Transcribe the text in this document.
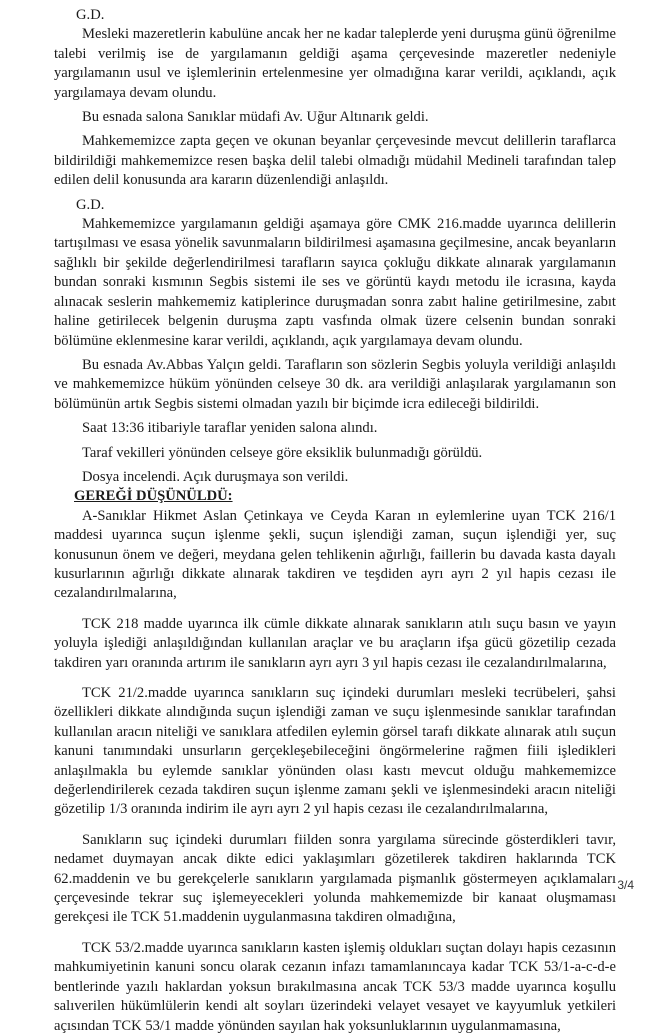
G.D.

Mesleki mazeretlerin kabulüne ancak her ne kadar taleplerde yeni duruşma günü öğrenilme talebi verilmiş ise de yargılamanın geldiği aşama çerçevesinde mazeretler nedeniyle yargılamanın usul ve işlemlerinin ertelenmesine yer olmadığına karar verildi, açıklandı, açık yargılamaya devam olundu.

Bu esnada salona Sanıklar müdafi Av. Uğur Altınarık geldi.

Mahkememizce zapta geçen ve okunan beyanlar çerçevesinde mevcut delillerin taraflarca bildirildiği mahkememizce resen başka delil talebi olmadığı müdahil Medineli tarafından talep edilen delil konusunda ara kararın düzenlendiği anlaşıldı.

G.D.

Mahkememizce yargılamanın geldiği aşamaya göre CMK 216.madde uyarınca delillerin tartışılması ve esasa yönelik savunmaların bildirilmesi aşamasına geçilmesine, ancak beyanların sağlıklı bir şekilde değerlendirilmesi tarafların sayıca çokluğu dikkate alınarak yargılamanın bundan sonraki kısmının Segbis sistemi ile ses ve görüntü kaydı metodu ile icrasına, kayda alınacak seslerin mahkememiz katiplerince duruşmadan sonra zabıt haline getirilmesine, zabıt haline getirilecek belgenin duruşma zaptı vasfında olmak üzere celsenin bundan sonraki bölümüne eklenmesine karar verildi, açıklandı, açık yargılamaya devam olundu.

Bu esnada Av.Abbas Yalçın geldi. Tarafların son sözlerin Segbis yoluyla verildiği anlaşıldı ve mahkememizce hüküm yönünden celseye 30 dk. ara verildiği anlaşılarak yargılamanın son bölümünün artık Segbis sistemi olmadan yazılı bir biçimde icra edileceği bildirildi.

Saat 13:36 itibariyle taraflar yeniden salona alındı.

Taraf vekilleri yönünden celseye göre eksiklik bulunmadığı görüldü.

Dosya incelendi. Açık duruşmaya son verildi.

GEREĞİ DÜŞÜNÜLDÜ:

A-Sanıklar Hikmet Aslan Çetinkaya ve Ceyda Karan ın eylemlerine uyan TCK 216/1 maddesi uyarınca suçun işlenme şekli, suçun işlendiği zaman, suçun işlendiği yer, suç konusunun önem ve değeri, meydana gelen tehlikenin ağırlığı, faillerin bu davada kasta dayalı kusurlarının ağırlığı dikkate alınarak takdiren ve teşdiden ayrı ayrı 2 yıl hapis cezası ile cezalandırılmalarına,

TCK 218 madde uyarınca ilk cümle dikkate alınarak sanıkların atılı suçu basın ve yayın yoluyla işlediği anlaşıldığından kullanılan araçlar ve bu araçların ifşa gücü gözetilip cezada takdiren yarı oranında artırım ile sanıkların ayrı ayrı 3 yıl hapis cezası ile cezalandırılmalarına,

TCK 21/2.madde uyarınca sanıkların suç içindeki durumları mesleki tecrübeleri, şahsi özellikleri dikkate alındığında suçun işlendiği zaman ve suçu işlenmesinde sanıklar tarafından kullanılan aracın niteliği ve sanıklara atfedilen eylemin görsel tarafı dikkate alınarak atılı suçun kanuni tanımındaki unsurların gerçekleşebileceğini öngörmelerine rağmen fiili işledikleri anlaşılmakla bu eylemde sanıklar yönünden olası kastı mevcut olduğu mahkememizce değerlendirilerek cezada takdiren suçun işlenme zamanı şekli ve işlenmesindeki aracın niteliği gözetilip 1/3 oranında indirim ile ayrı ayrı 2 yıl hapis cezası ile cezalandırılmalarına,

Sanıkların suç içindeki durumları fiilden sonra yargılama sürecinde gösterdikleri tavır, nedamet duymayan ancak dikte edici yaklaşımları gözetilerek takdiren haklarında TCK 62.maddenin ve bu gerekçelerle sanıkların yargılamada pişmanlık göstermeyen açıklamaları çerçevesinde tekrar suç işlemeyecekleri yolunda mahkememizde bir kanaat oluşmaması gerekçesi ile TCK 51.maddenin uygulanmasına takdiren olmadığına,

TCK 53/2.madde uyarınca sanıkların kasten işlemiş oldukları suçtan dolayı hapis cezasının mahkumiyetinin kanuni soncu olarak cezanın infazı tamamlanıncaya kadar TCK 53/1-a-c-d-e bentlerinde yazılı haklardan yoksun bırakılmasına ancak TCK 53/3 madde uyarınca koşullu salıverilen hükümlülerin kendi alt soyları üzerindeki velayet vesayet ve kayyumluk yetkileri açısından TCK 53/1 madde yönünden sayılan hak yoksunluklarının uygulanmamasına,

3/4
